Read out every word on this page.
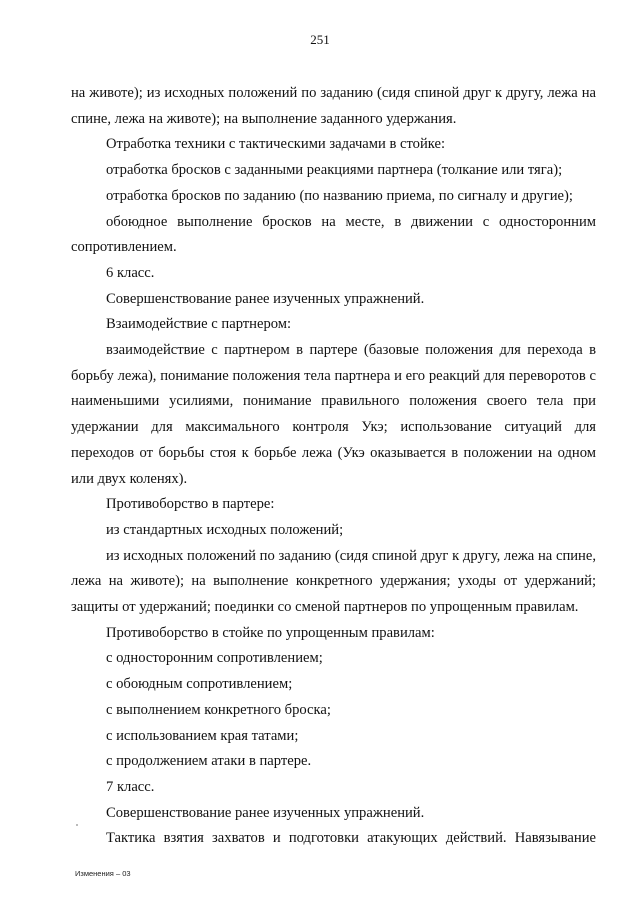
251

на животе); из исходных положений по заданию (сидя спиной друг к другу, лежа на спине, лежа на животе); на выполнение заданного удержания.

Отработка техники с тактическими задачами в стойке:

отработка бросков с заданными реакциями партнера (толкание или тяга);

отработка бросков по заданию (по названию приема, по сигналу и другие);

обоюдное выполнение бросков на месте, в движении с односторонним сопротивлением.

6 класс.

Совершенствование ранее изученных упражнений.

Взаимодействие с партнером:

взаимодействие с партнером в партере (базовые положения для перехода в борьбу лежа), понимание положения тела партнера и его реакций для переворотов с наименьшими усилиями, понимание правильного положения своего тела при удержании для максимального контроля Укэ; использование ситуаций для переходов от борьбы стоя к борьбе лежа (Укэ оказывается в положении на одном или двух коленях).

Противоборство в партере:

из стандартных исходных положений;

из исходных положений по заданию (сидя спиной друг к другу, лежа на спине, лежа на животе); на выполнение конкретного удержания; уходы от удержаний; защиты от удержаний; поединки со сменой партнеров по упрощенным правилам.

Противоборство в стойке по упрощенным правилам:

с односторонним сопротивлением;

с обоюдным сопротивлением;

с выполнением конкретного броска;

с использованием края татами;

с продолжением атаки в партере.

7 класс.

Совершенствование ранее изученных упражнений.

Тактика взятия захватов и подготовки атакующих действий. Навязывание

Изменения – 03
